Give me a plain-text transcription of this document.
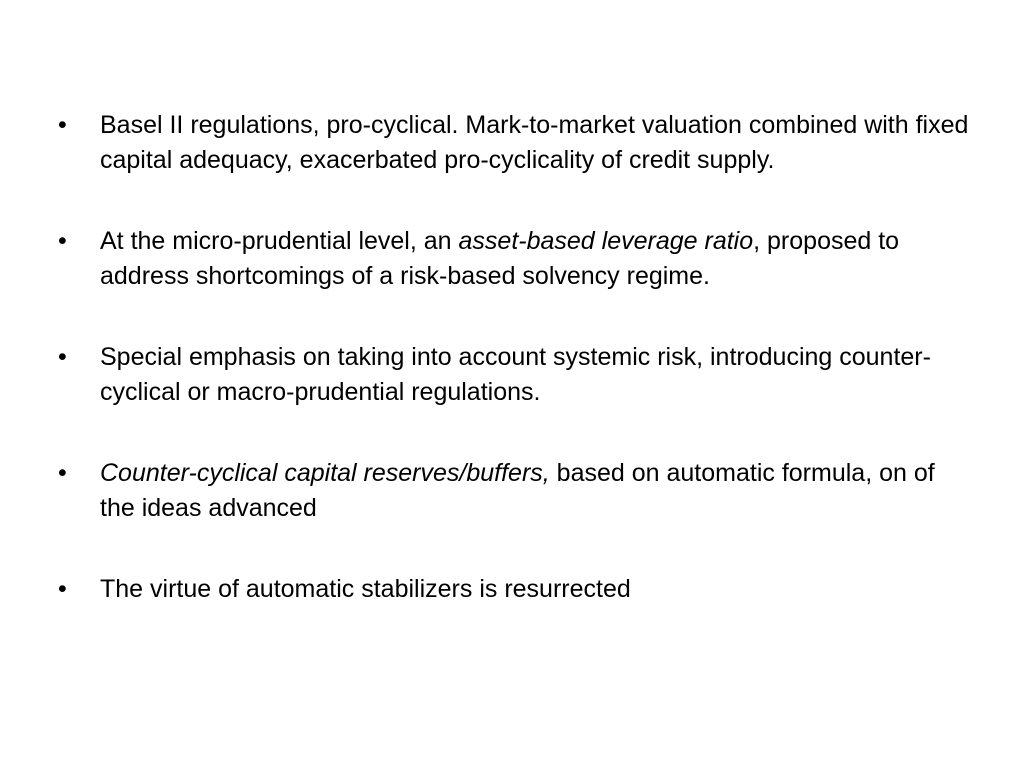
•	Basel II regulations, pro-cyclical. Mark-to-market valuation combined with fixed capital adequacy, exacerbated pro-cyclicality of credit supply.
•	At the micro-prudential level, an asset-based leverage ratio, proposed to address shortcomings of a risk-based solvency regime.
•	Special emphasis on taking into account systemic risk, introducing counter-cyclical or macro-prudential regulations.
•	Counter-cyclical capital reserves/buffers, based on automatic formula, on of the ideas advanced
•	The virtue of automatic stabilizers is resurrected
